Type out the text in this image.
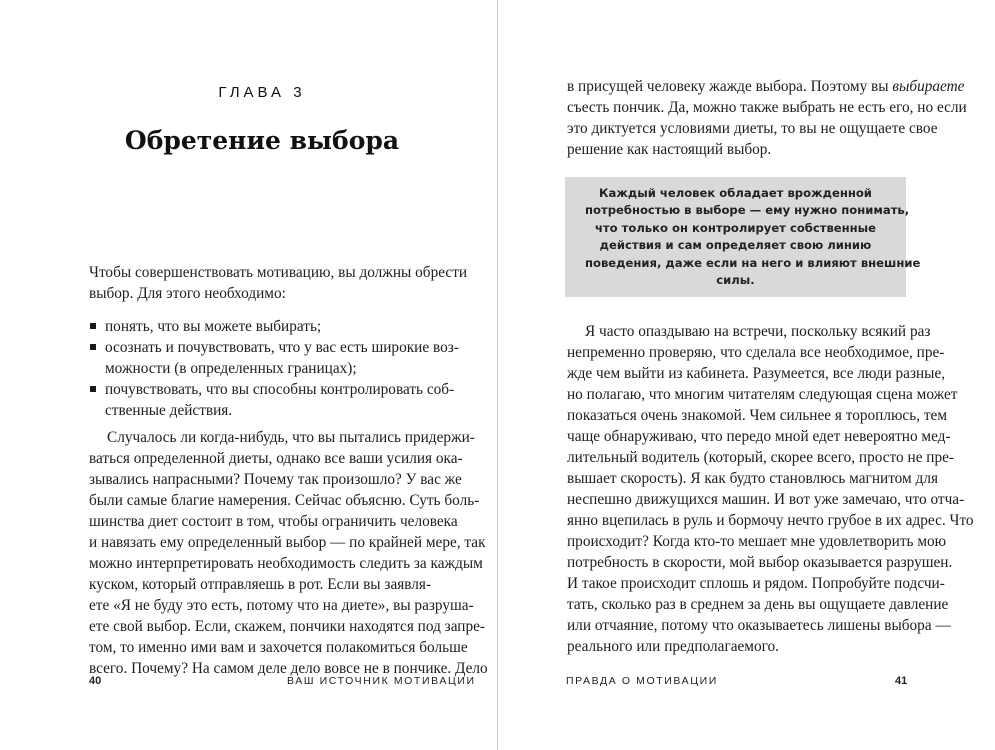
ГЛАВА 3
Обретение выбора

Чтобы совершенствовать мотивацию, вы должны обрести
выбор. Для этого необходимо:

понять, что вы можете выбирать;
осознать и почувствовать, что у вас есть широкие воз-
можности (в определенных границах);
почувствовать, что вы способны контролировать соб-
ственные действия.

Случалось ли когда-нибудь, что вы пытались придержи-
ваться определенной диеты, однако все ваши усилия ока-
зывались напрасными? Почему так произошло? У вас же
были самые благие намерения. Сейчас объясню. Суть боль-
шинства диет состоит в том, чтобы ограничить человека
и навязать ему определенный выбор — по крайней мере, так
можно интерпретировать необходимость следить за каждым
куском, который отправляешь в рот. Если вы заявля-
ете «Я не буду это есть, потому что на диете», вы разруша-
ете свой выбор. Если, скажем, пончики находятся под запре-
том, то именно ими вам и захочется полакомиться больше
всего. Почему? На самом деле дело вовсе не в пончике. Дело

40	ВАШ ИСТОЧНИК МОТИВАЦИИ

в присущей человеку жажде выбора. Поэтому вы выбираете
съесть пончик. Да, можно также выбрать не есть его, но если
это диктуется условиями диеты, то вы не ощущаете свое
решение как настоящий выбор.

Каждый человек обладает врожденной
потребностью в выборе — ему нужно понимать,
что только он контролирует собственные
действия и сам определяет свою линию
поведения, даже если на него и влияют внешние
силы.

Я часто опаздываю на встречи, поскольку всякий раз
непременно проверяю, что сделала все необходимое, пре-
жде чем выйти из кабинета. Разумеется, все люди разные,
но полагаю, что многим читателям следующая сцена может
показаться очень знакомой. Чем сильнее я тороплюсь, тем
чаще обнаруживаю, что передо мной едет невероятно мед-
лительный водитель (который, скорее всего, просто не пре-
вышает скорость). Я как будто становлюсь магнитом для
неспешно движущихся машин. И вот уже замечаю, что отча-
янно вцепилась в руль и бормочу нечто грубое в их адрес. Что
происходит? Когда кто-то мешает мне удовлетворить мою
потребность в скорости, мой выбор оказывается разрушен.
И такое происходит сплошь и рядом. Попробуйте подсчи-
тать, сколько раз в среднем за день вы ощущаете давление
или отчаяние, потому что оказываетесь лишены выбора —
реального или предполагаемого.

ПРАВДА О МОТИВАЦИИ	41
